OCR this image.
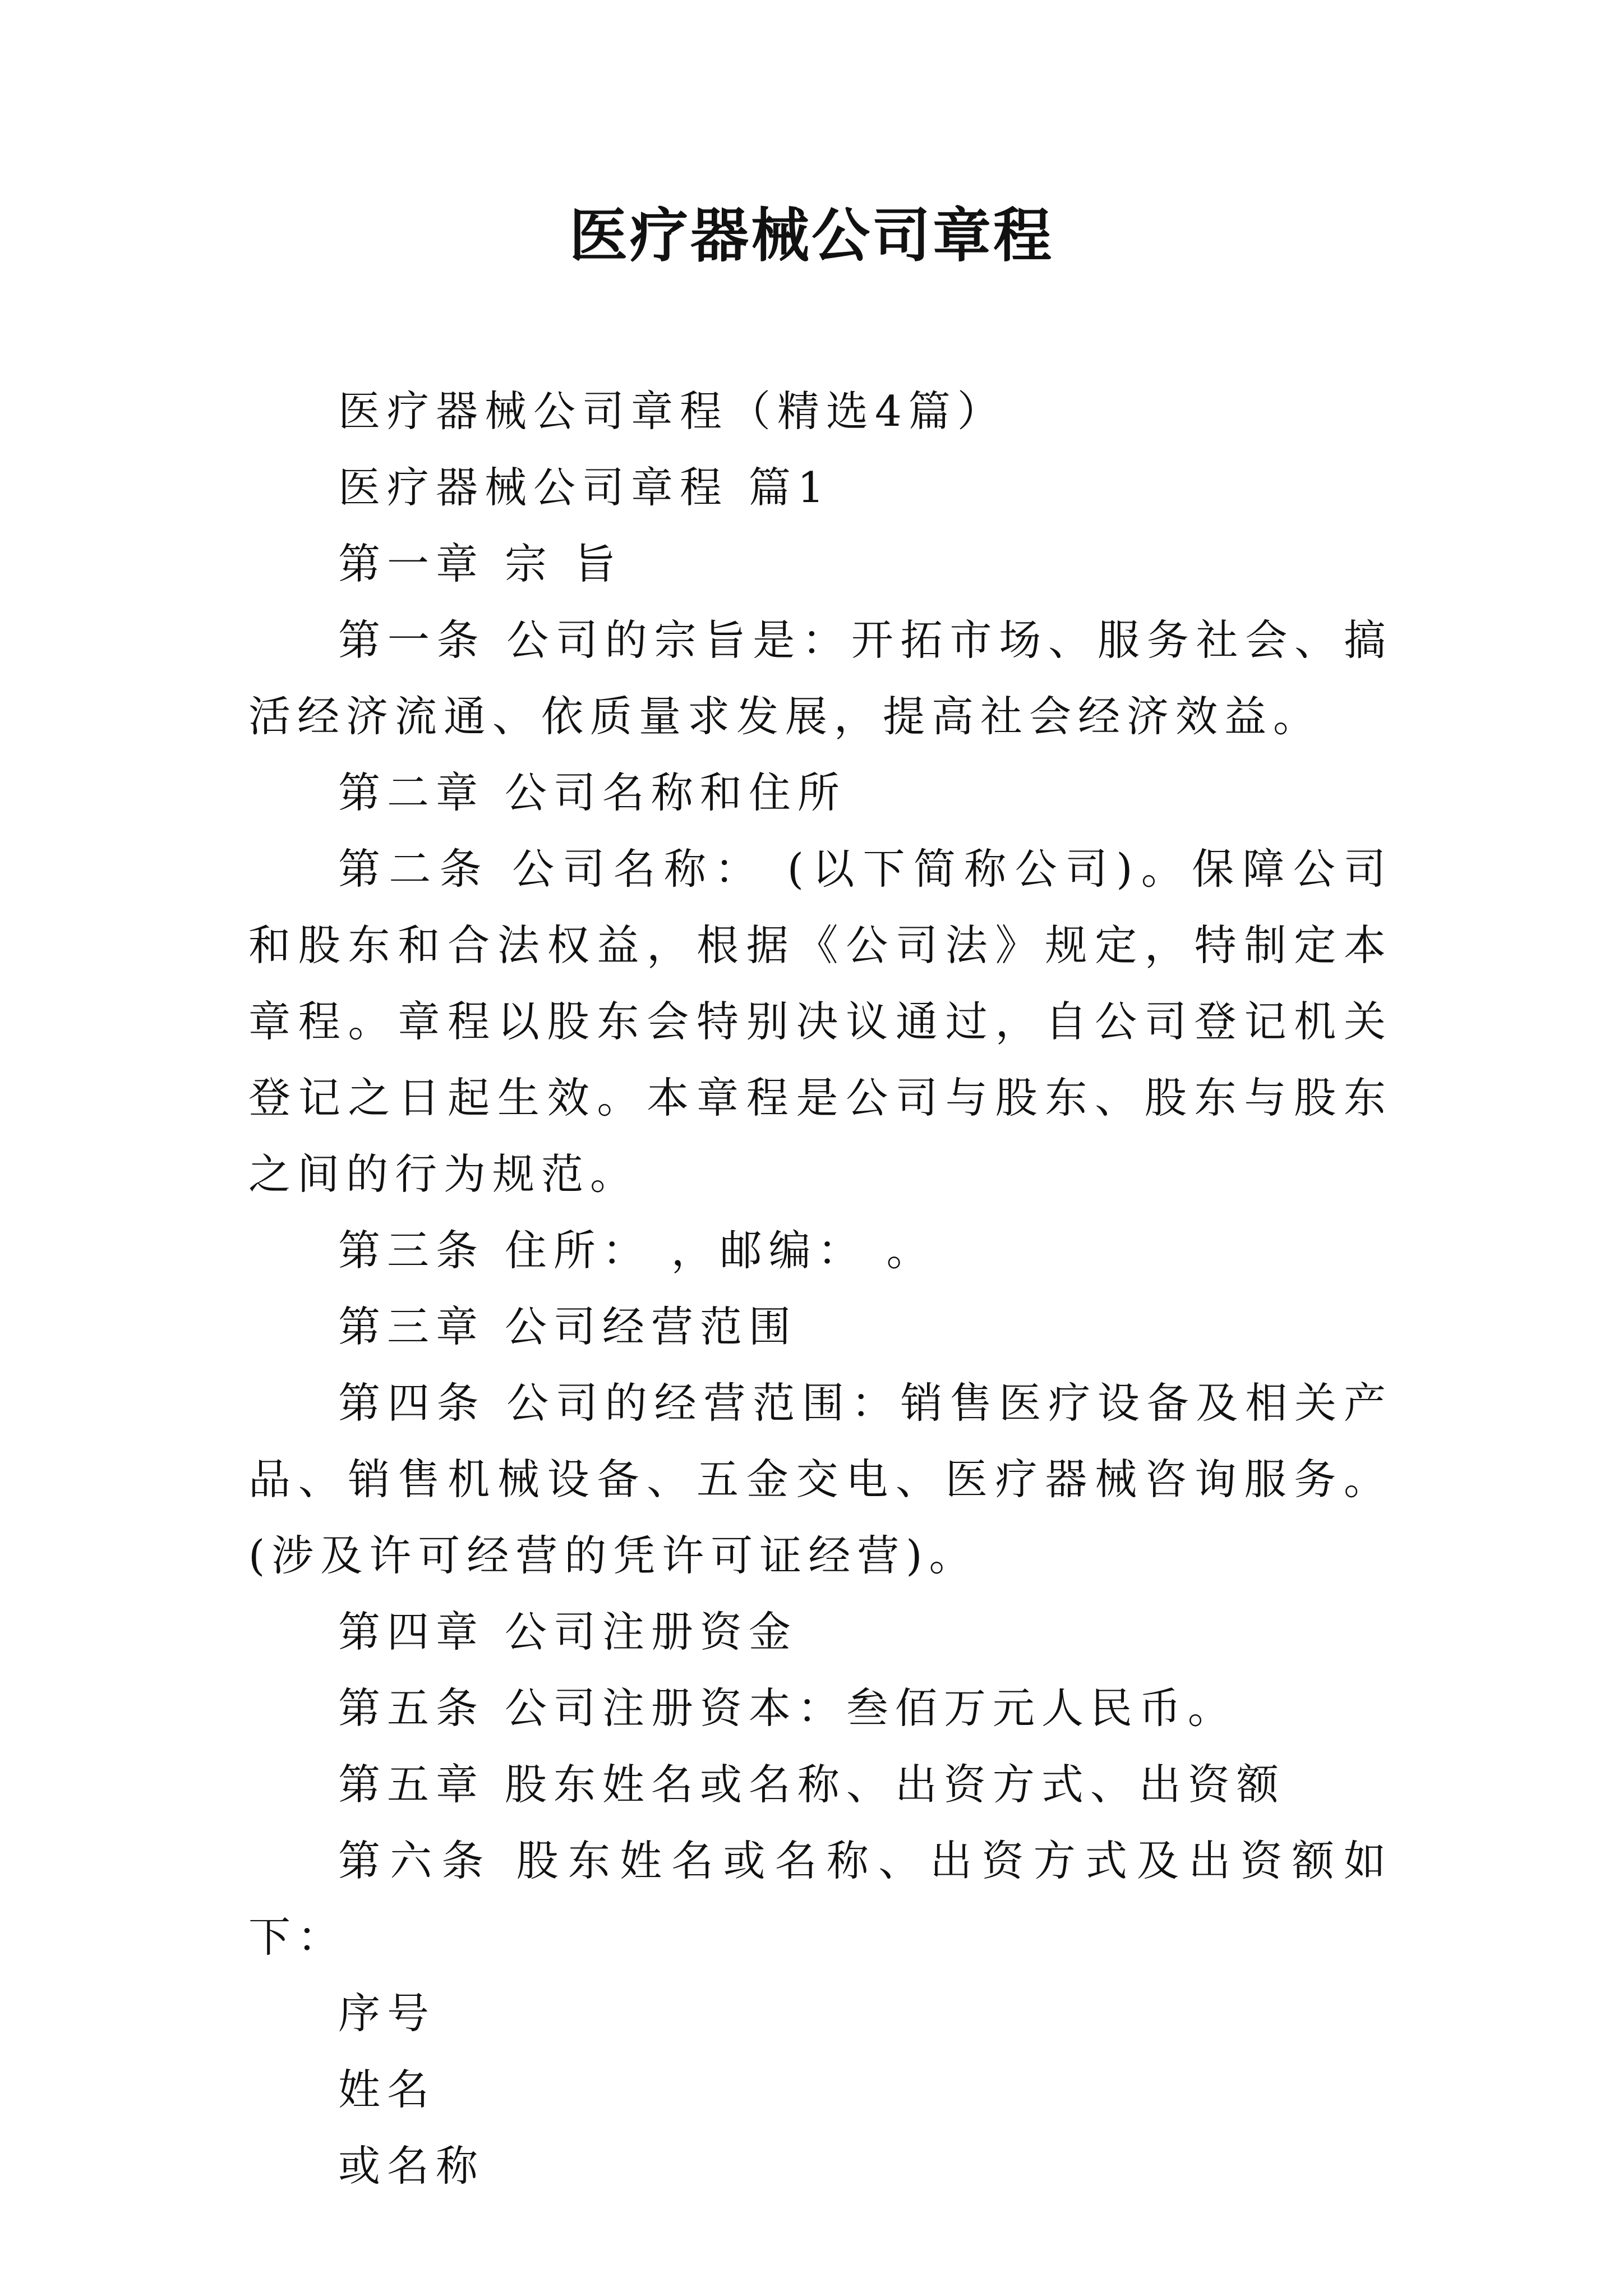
医疗器械公司章程

医疗器械公司章程（精选4篇）

医疗器械公司章程 篇1

第一章 宗 旨

第一条 公司的宗旨是：开拓市场、服务社会、搞活经济流通、依质量求发展，提高社会经济效益。

第二章 公司名称和住所

第二条 公司名称： (以下简称公司)。保障公司和股东和合法权益，根据《公司法》规定，特制定本章程。章程以股东会特别决议通过，自公司登记机关登记之日起生效。本章程是公司与股东、股东与股东之间的行为规范。

第三条 住所： ，邮编： 。

第三章 公司经营范围

第四条 公司的经营范围：销售医疗设备及相关产品、销售机械设备、五金交电、医疗器械咨询服务。(涉及许可经营的凭许可证经营)。

第四章 公司注册资金

第五条 公司注册资本：叁佰万元人民币。

第五章 股东姓名或名称、出资方式、出资额

第六条 股东姓名或名称、出资方式及出资额如下：

序号

姓名

或名称
